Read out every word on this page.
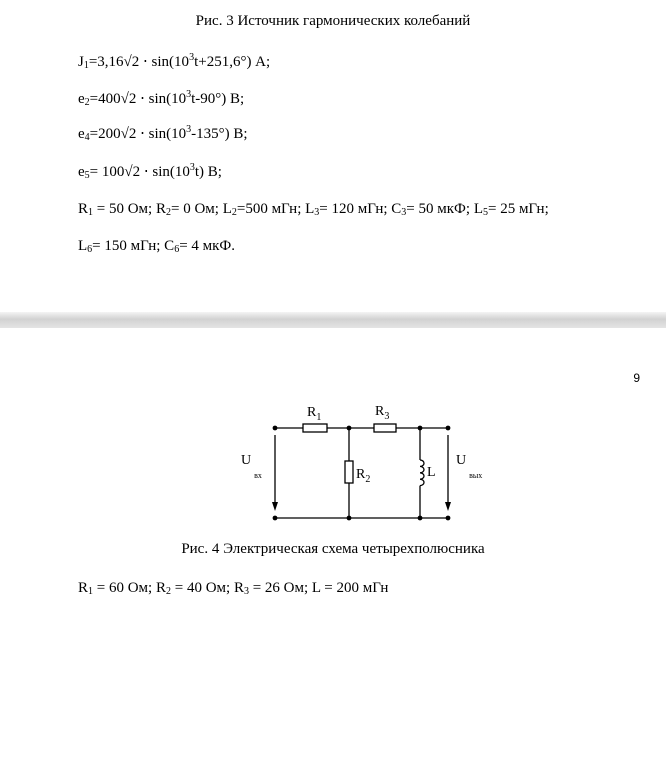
Рис. 3 Источник гармонических колебаний
$J_1=3,16√2 \cdot \sin(10^3t+251,6^\circ)$ А;
$e_2=400√2 \cdot \sin(10^3t-90^\circ)$ В;
$e_4=200√2 \cdot \sin(10^3-135^\circ)$ В;
$e_5= 100√2 \cdot \sin(10^3t)$ В;
$R_1 = 50$ Ом; $R_2= 0$ Ом; $L_2=500$ мГн; $L_3= 120$ мГн; $C_3= 50$ мкФ; $L_5= 25$ мГн;
$L_6= 150$ мГн; $C_6= 4$ мкФ.
9
$R_1$	$R_3$
$R_2$	L
$U_{вх}$
$U_{вых}$
Рис. 4 Электрическая схема четырехполюсника
$R_1 = 60$ Ом; $R_2 = 40$ Ом; $R_3 = 26$ Ом; L = 200 мГн
